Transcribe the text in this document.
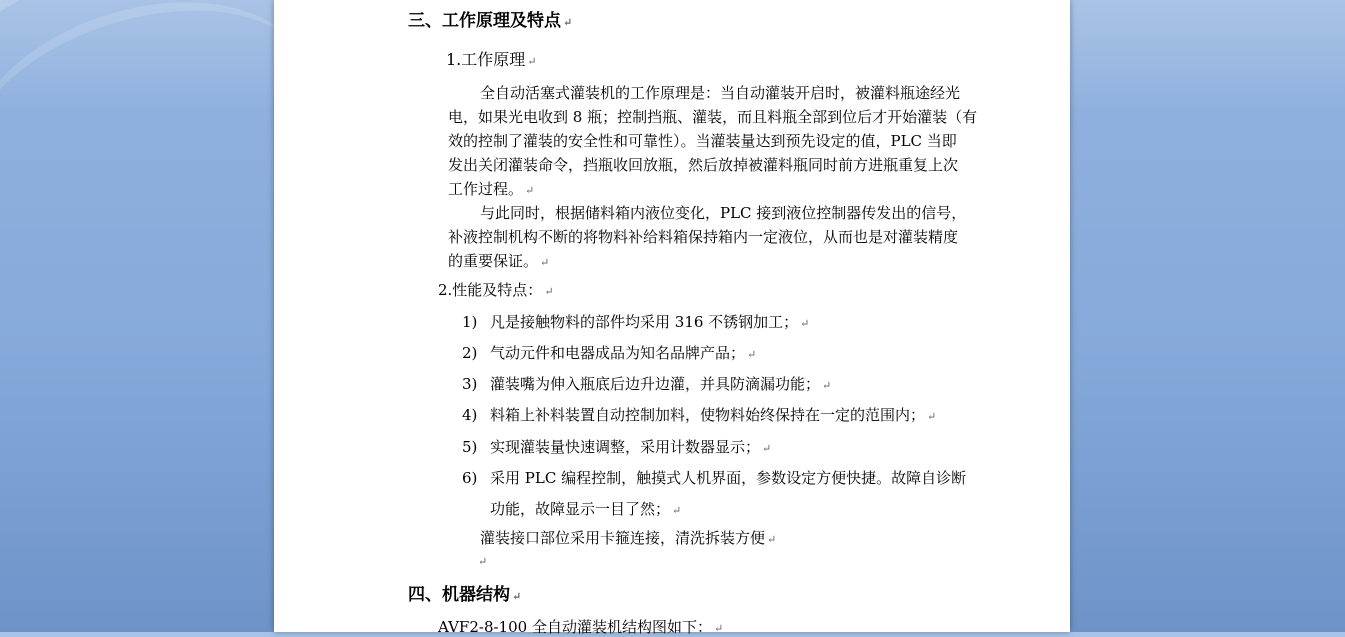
三、工作原理及特点 ↵
1.工作原理 ↵
全自动活塞式灌装机的工作原理是：当自动灌装开启时，被灌料瓶途经光
电，如果光电收到 8 瓶；控制挡瓶、灌装，而且料瓶全部到位后才开始灌装（有
效的控制了灌装的安全性和可靠性）。当灌装量达到预先设定的值，PLC 当即
发出关闭灌装命令，挡瓶收回放瓶，然后放掉被灌料瓶同时前方进瓶重复上次
工作过程。 ↵
与此同时，根据储料箱内液位变化，PLC 接到液位控制器传发出的信号，
补液控制机构不断的将物料补给料箱保持箱内一定液位，从而也是对灌装精度
的重要保证。 ↵
2.性能及特点： ↵
1) 凡是接触物料的部件均采用 316 不锈钢加工； ↵
2) 气动元件和电器成品为知名品牌产品； ↵
3) 灌装嘴为伸入瓶底后边升边灌，并具防滴漏功能； ↵
4) 料箱上补料装置自动控制加料，使物料始终保持在一定的范围内； ↵
5) 实现灌装量快速调整，采用计数器显示； ↵
6) 采用 PLC 编程控制，触摸式人机界面，参数设定方便快捷。故障自诊断
功能，故障显示一目了然； ↵
灌装接口部位采用卡箍连接，清洗拆装方便 ↵
↵
四、机器结构 ↵
AVF2-8-100 全自动灌装机结构图如下： ↵
